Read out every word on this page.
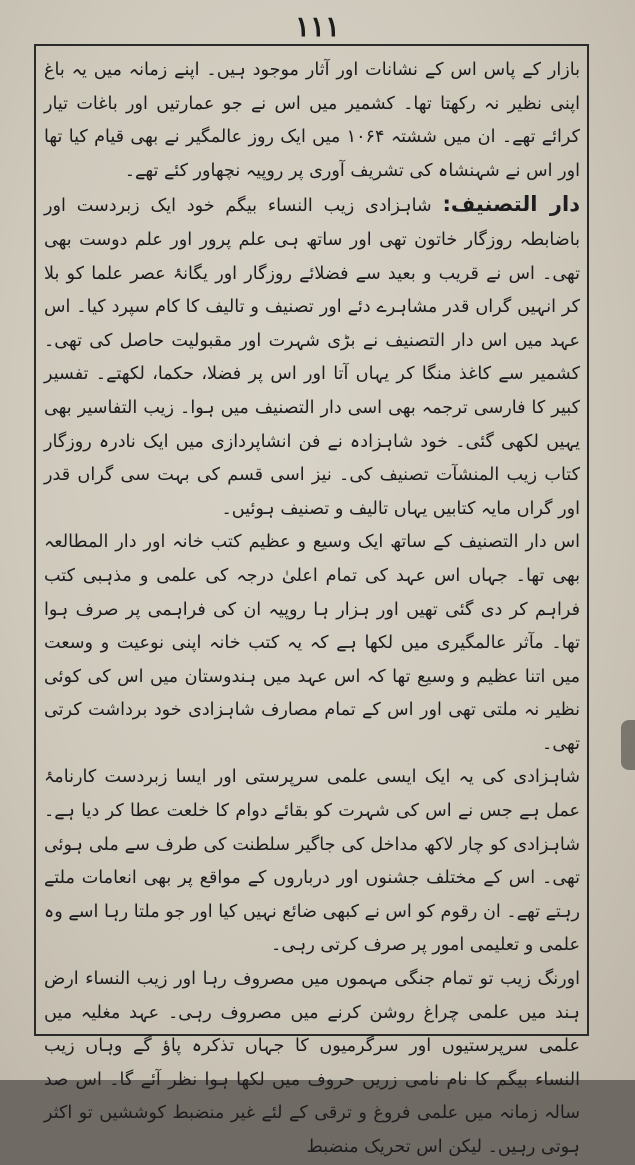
۱۱۱

بازار کے پاس اس کے نشانات اور آثار موجود ہیں۔ اپنے زمانہ میں یہ باغ اپنی نظیر نہ رکھتا تھا۔ کشمیر میں اس نے جو عمارتیں اور باغات تیار کرائے تھے۔ ان میں ششتہ ۱۰۶۴ میں ایک روز عالمگیر نے بھی قیام کیا تھا اور اس نے شہنشاہ کی تشریف آوری پر روپیہ نچھاور کئے تھے۔

دار التصنیف: شاہزادی زیب النساء بیگم خود ایک زبردست اور باضابطہ روزگار خاتون تھی اور ساتھ ہی علم پرور اور علم دوست بھی تھی۔ اس نے قریب و بعید سے فضلائے روزگار اور یگانۂ عصر علما کو بلا کر انہیں گراں قدر مشاہرے دئے اور تصنیف و تالیف کا کام سپرد کیا۔ اس عہد میں اس دار التصنیف نے بڑی شہرت اور مقبولیت حاصل کی تھی۔ کشمیر سے کاغذ منگا کر یہاں آتا اور اس پر فضلا، حکما، لکھتے۔ تفسیر کبیر کا فارسی ترجمہ بھی اسی دار التصنیف میں ہوا۔ زیب التفاسیر بھی یہیں لکھی گئی۔ خود شاہزادہ نے فن انشاپردازی میں ایک نادرہ روزگار کتاب زیب المنشآت تصنیف کی۔ نیز اسی قسم کی بہت سی گراں قدر اور گراں مایہ کتابیں یہاں تالیف و تصنیف ہوئیں۔

اس دار التصنیف کے ساتھ ایک وسیع و عظیم کتب خانہ اور دار المطالعہ بھی تھا۔ جہاں اس عہد کی تمام اعلیٰ درجہ کی علمی و مذہبی کتب فراہم کر دی گئی تھیں اور ہزار ہا روپیہ ان کی فراہمی پر صرف ہوا تھا۔ مآثر عالمگیری میں لکھا ہے کہ یہ کتب خانہ اپنی نوعیت و وسعت میں اتنا عظیم و وسیع تھا کہ اس عہد میں ہندوستان میں اس کی کوئی نظیر نہ ملتی تھی اور اس کے تمام مصارف شاہزادی خود برداشت کرتی تھی۔

شاہزادی کی یہ ایک ایسی علمی سرپرستی اور ایسا زبردست کارنامۂ عمل ہے جس نے اس کی شہرت کو بقائے دوام کا خلعت عطا کر دیا ہے۔ شاہزادی کو چار لاکھ مداخل کی جاگیر سلطنت کی طرف سے ملی ہوئی تھی۔ اس کے مختلف جشنوں اور درباروں کے مواقع پر بھی انعامات ملتے رہتے تھے۔ ان رقوم کو اس نے کبھی ضائع نہیں کیا اور جو ملتا رہا اسے وہ علمی و تعلیمی امور پر صرف کرتی رہی۔

اورنگ زیب تو تمام جنگی مہموں میں مصروف رہا اور زیب النساء ارض ہند میں علمی چراغ روشن کرنے میں مصروف رہی۔ عہد مغلیہ میں علمی سرپرستیوں اور سرگرمیوں کا جہاں تذکرہ پاؤ گے وہاں زیب النساء بیگم کا نام نامی زریں حروف میں لکھا ہوا نظر آئے گا۔ اس صد سالہ زمانہ میں علمی فروغ و ترقی کے لئے غیر منضبط کوششیں تو اکثر ہوتی رہیں۔ لیکن اس تحریک منضبط
